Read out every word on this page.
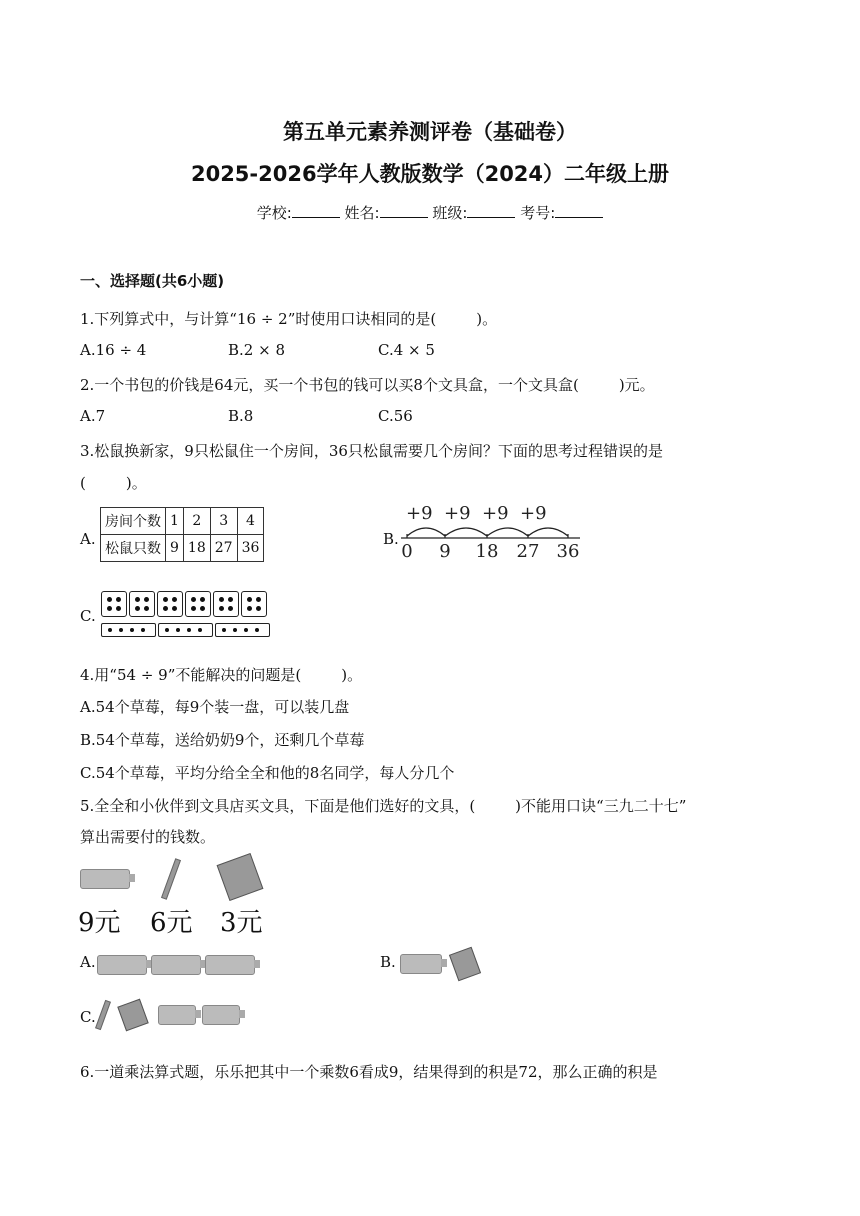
第五单元素养测评卷（基础卷）
2025-2026学年人教版数学（2024）二年级上册
学校:	姓名:	班级:	考号:
一、选择题(共6小题)
1.下列算式中，与计算“16 ÷ 2”时使用口诀相同的是(	)。
A.16 ÷ 4	B.2 × 8	C.4 × 5
2.一个书包的价钱是64元，买一个书包的钱可以买8个文具盒，一个文具盒(	)元。
A.7	B.8	C.56
3.松鼠换新家，9只松鼠住一个房间，36只松鼠需要几个房间？下面的思考过程错误的是
(	)。
A.
房间个数	1	2	3	4
松鼠只数	9	18	27	36	B.
+9 +9 +9 +9
0 9 18 27 36
C.
4.用“54 ÷ 9”不能解决的问题是(	)。
A.54个草莓，每9个装一盘，可以装几盘
B.54个草莓，送给奶奶9个，还剩几个草莓
C.54个草莓，平均分给全全和他的8名同学，每人分几个
5.全全和小伙伴到文具店买文具，下面是他们选好的文具，(	)不能用口诀“三九二十七”
算出需要付的钱数。
9元 6元 3元
A.	B.

C.

6.一道乘法算式题，乐乐把其中一个乘数6看成9，结果得到的积是72，那么正确的积是
